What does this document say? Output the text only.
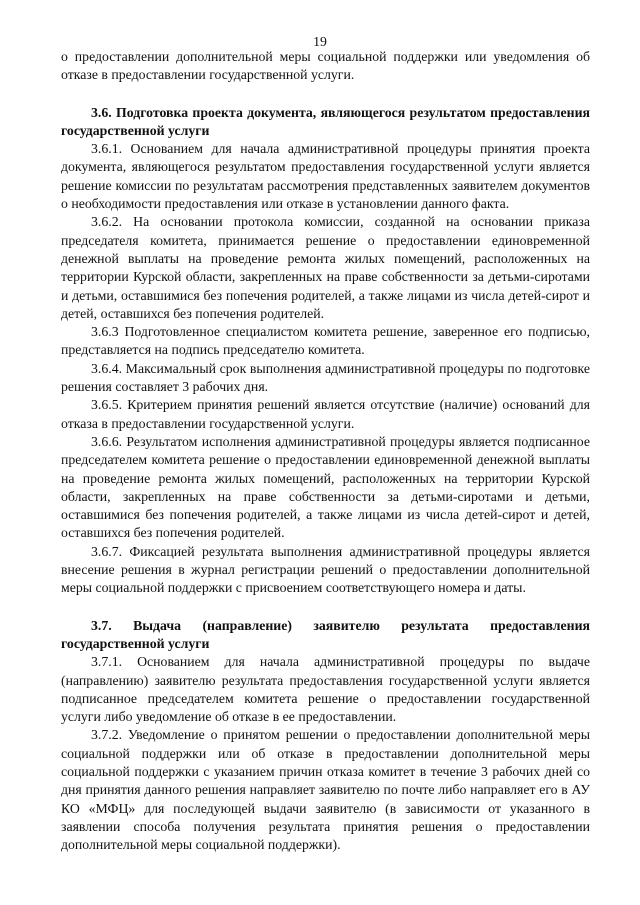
19

о предоставлении дополнительной меры социальной поддержки или уведомления об отказе в предоставлении государственной услуги.

3.6. Подготовка проекта документа, являющегося результатом предоставления государственной услуги

3.6.1. Основанием для начала административной процедуры принятия проекта документа, являющегося результатом предоставления государственной услуги является решение комиссии по результатам рассмотрения представленных заявителем документов о необходимости предоставления или отказе в установлении данного факта.

3.6.2. На основании протокола комиссии, созданной на основании приказа председателя комитета, принимается решение о предоставлении единовременной денежной выплаты на проведение ремонта жилых помещений, расположенных на территории Курской области, закрепленных на праве собственности за детьми-сиротами и детьми, оставшимися без попечения родителей, а также лицами из числа детей-сирот и детей, оставшихся без попечения родителей.

3.6.3 Подготовленное специалистом комитета решение, заверенное его подписью, представляется на подпись председателю комитета.

3.6.4. Максимальный срок выполнения административной процедуры по подготовке решения составляет 3 рабочих дня.

3.6.5. Критерием принятия решений является отсутствие (наличие) оснований для отказа в предоставлении государственной услуги.

3.6.6. Результатом исполнения административной процедуры является подписанное председателем комитета решение о предоставлении единовременной денежной выплаты на проведение ремонта жилых помещений, расположенных на территории Курской области, закрепленных на праве собственности за детьми-сиротами и детьми, оставшимися без попечения родителей, а также лицами из числа детей-сирот и детей, оставшихся без попечения родителей.

3.6.7. Фиксацией результата выполнения административной процедуры является внесение решения в журнал регистрации решений о предоставлении дополнительной меры социальной поддержки с присвоением соответствующего номера и даты.

3.7. Выдача (направление) заявителю результата предоставления государственной услуги

3.7.1. Основанием для начала административной процедуры по выдаче (направлению) заявителю результата предоставления государственной услуги является подписанное председателем комитета решение о предоставлении государственной услуги либо уведомление об отказе в ее предоставлении.

3.7.2. Уведомление о принятом решении о предоставлении дополнительной меры социальной поддержки или об отказе в предоставлении дополнительной меры социальной поддержки с указанием причин отказа комитет в течение 3 рабочих дней со дня принятия данного решения направляет заявителю по почте либо направляет его в АУ КО «МФЦ» для последующей выдачи заявителю (в зависимости от указанного в заявлении способа получения результата принятия решения о предоставлении дополнительной меры социальной поддержки).
